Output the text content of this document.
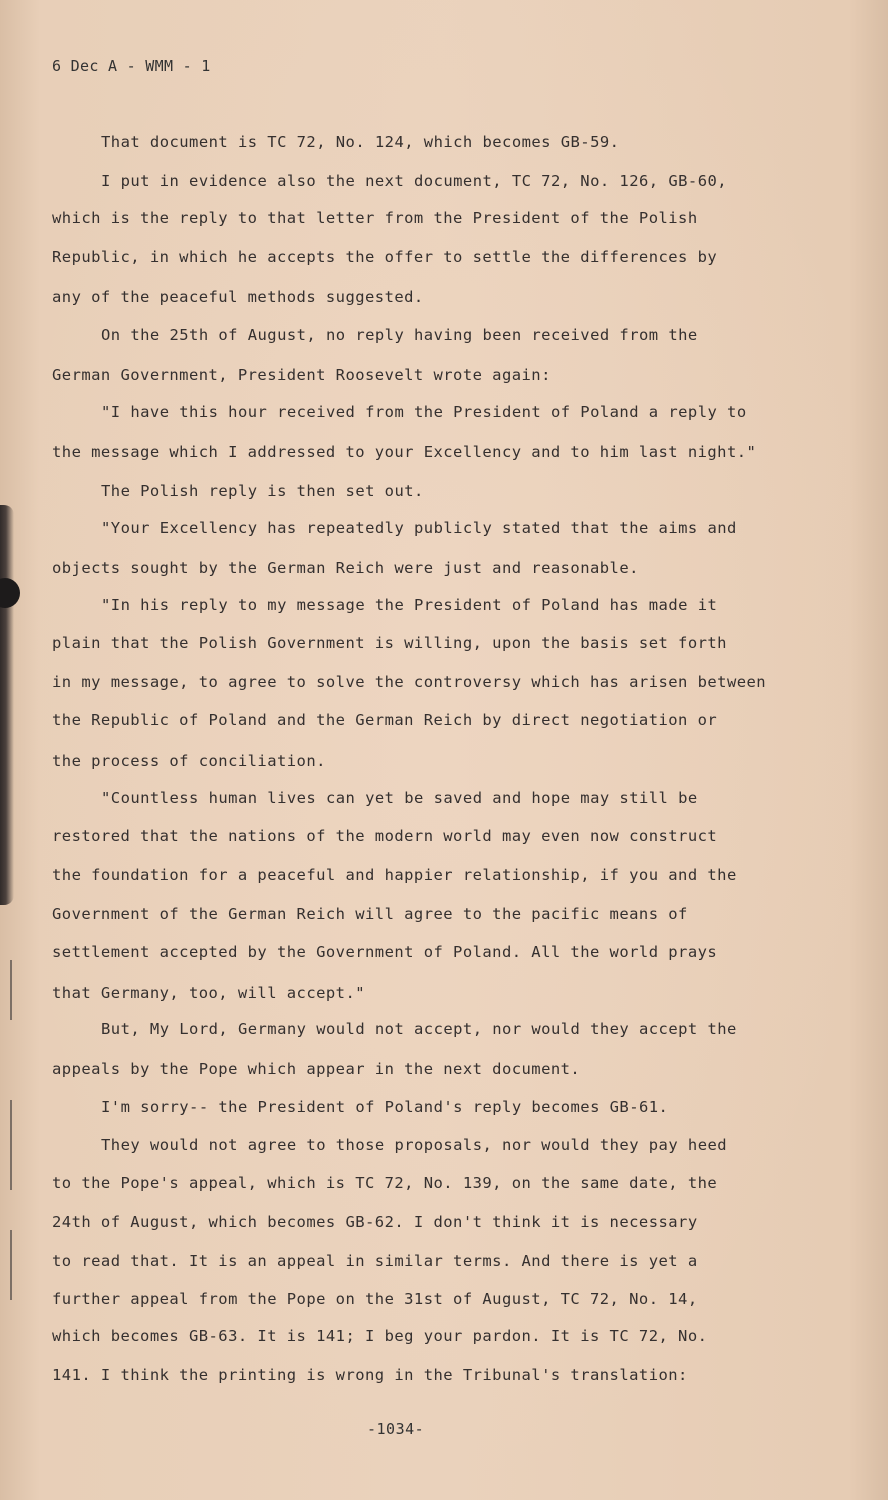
6 Dec A - WMM - 1
That document is TC 72, No. 124, which becomes GB-59.
I put in evidence also the next document, TC 72, No. 126, GB-60,
which is the reply to that letter from the President of the Polish
Republic, in which he accepts the offer to settle the differences by
any of the peaceful methods suggested.
On the 25th of August, no reply having been received from the
German Government, President Roosevelt wrote again:
"I have this hour received from the President of Poland a reply to
the message which I addressed to your Excellency and to him last night."
The Polish reply is then set out.
"Your Excellency has repeatedly publicly stated that the aims and
objects sought by the German Reich were just and reasonable.
"In his reply to my message the President of Poland has made it
plain that the Polish Government is willing, upon the basis set forth
in my message, to agree to solve the controversy which has arisen between
the Republic of Poland and the German Reich by direct negotiation or
the process of conciliation.
"Countless human lives can yet be saved and hope may still be
restored that the nations of the modern world may even now construct
the foundation for a peaceful and happier relationship, if you and the
Government of the German Reich will agree to the pacific means of
settlement accepted by the Government of Poland. All the world prays
that Germany, too, will accept."
But, My Lord, Germany would not accept, nor would they accept the
appeals by the Pope which appear in the next document.
I'm sorry-- the President of Poland's reply becomes GB-61.
They would not agree to those proposals, nor would they pay heed
to the Pope's appeal, which is TC 72, No. 139, on the same date, the
24th of August, which becomes GB-62. I don't think it is necessary
to read that. It is an appeal in similar terms. And there is yet a
further appeal from the Pope on the 31st of August, TC 72, No. 14,
which becomes GB-63. It is 141; I beg your pardon. It is TC 72, No.
141. I think the printing is wrong in the Tribunal's translation:
-1034-
